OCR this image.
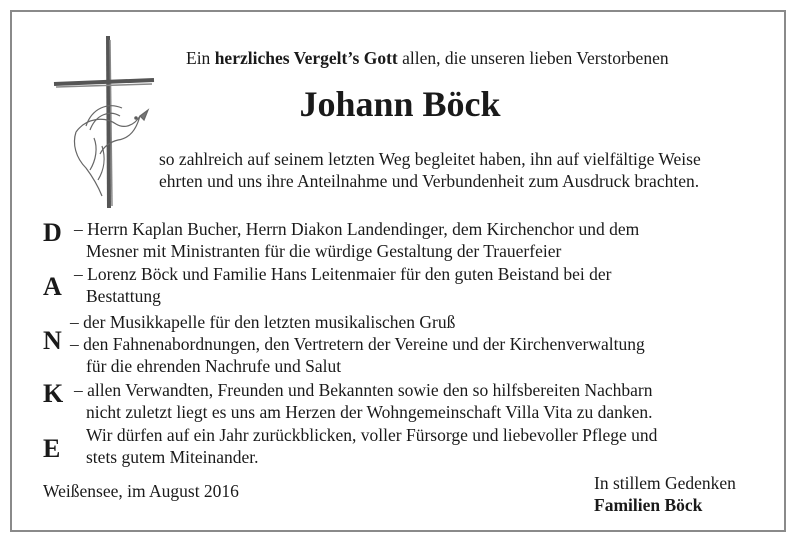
Ein herzliches Vergelt’s Gott allen, die unseren lieben Verstorbenen
Johann Böck
so zahlreich auf seinem letzten Weg begleitet haben, ihn auf vielfältige Weise
ehrten und uns ihre Anteilnahme und Verbundenheit zum Ausdruck brachten.
D
A
N
K
E
– Herrn Kaplan Bucher, Herrn Diakon Landendinger, dem Kirchenchor und dem
Mesner mit Ministranten für die würdige Gestaltung der Trauerfeier
– Lorenz Böck und Familie Hans Leitenmaier für den guten Beistand bei der
Bestattung
– der Musikkapelle für den letzten musikalischen Gruß
– den Fahnenabordnungen, den Vertretern der Vereine und der Kirchenverwaltung
für die ehrenden Nachrufe und Salut
– allen Verwandten, Freunden und Bekannten sowie den so hilfsbereiten Nachbarn
nicht zuletzt liegt es uns am Herzen der Wohngemeinschaft Villa Vita zu danken.
Wir dürfen auf ein Jahr zurückblicken, voller Fürsorge und liebevoller Pflege und
stets gutem Miteinander.
Weißensee, im August 2016	In stillem Gedenken
Familien Böck
